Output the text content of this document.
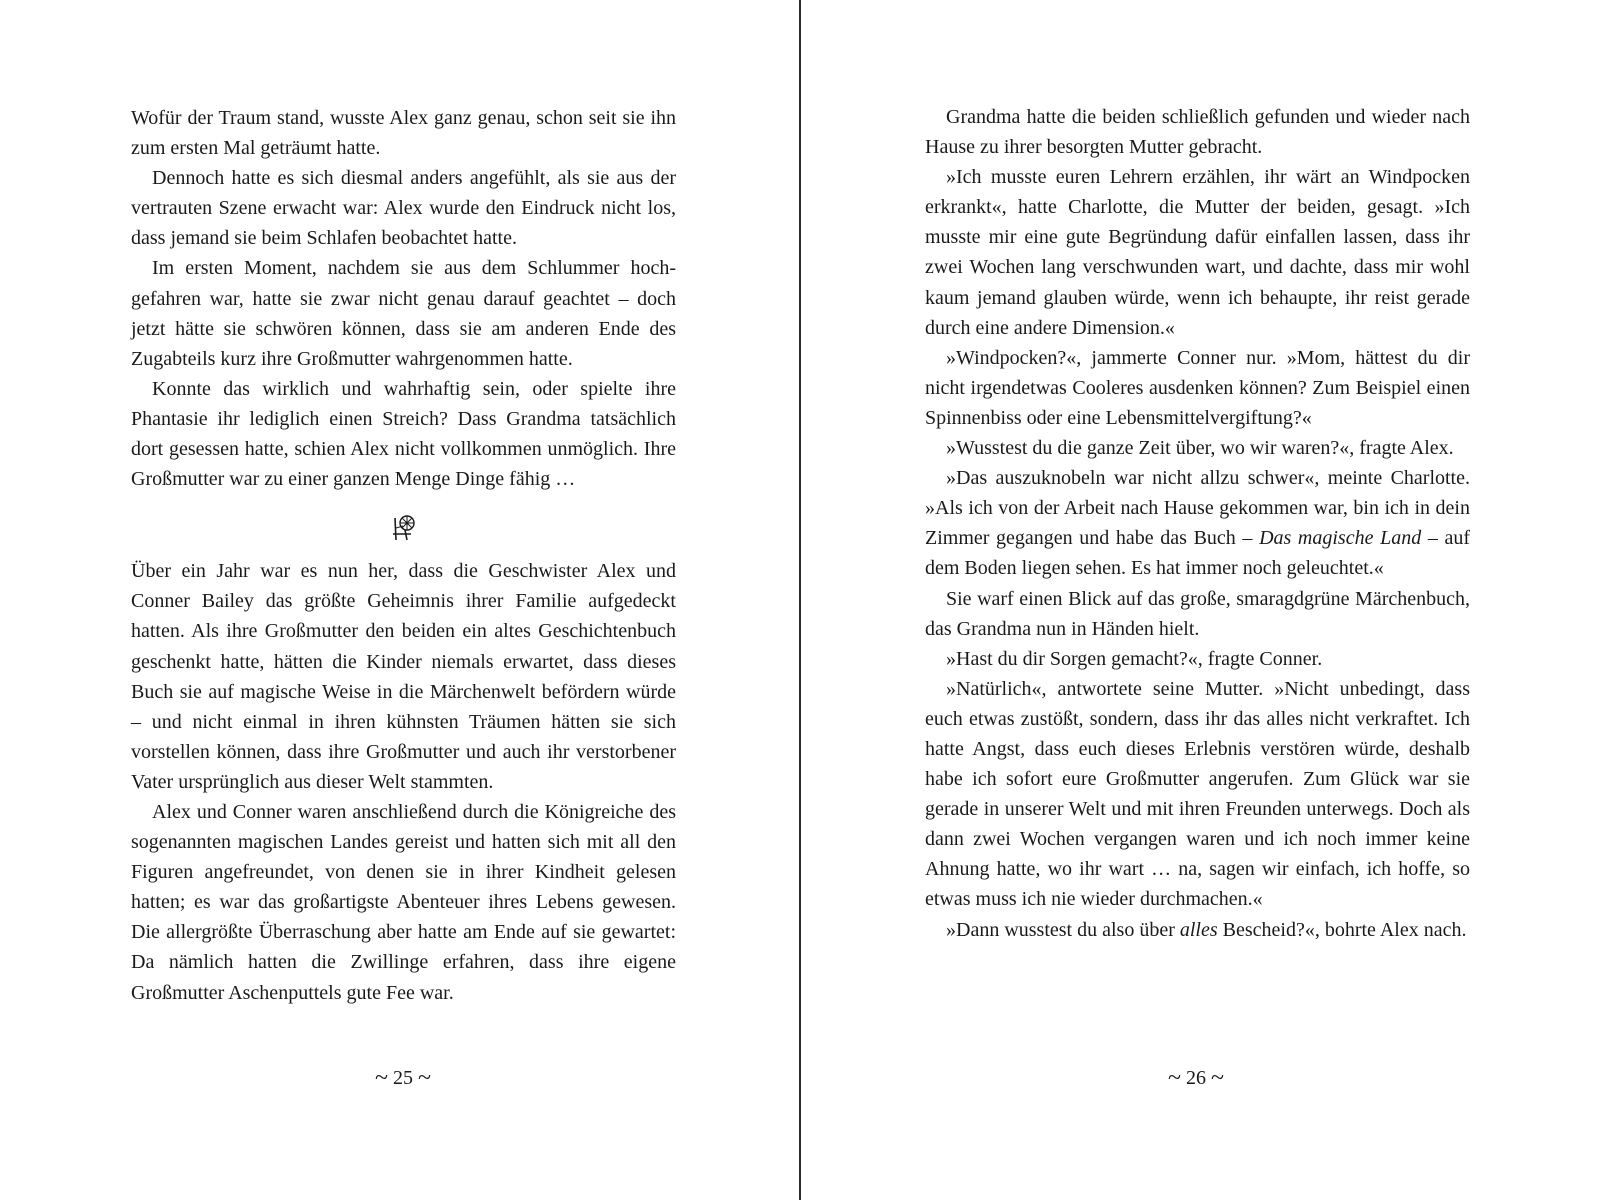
Wofür der Traum stand, wusste Alex ganz genau, schon seit sie ihn zum ersten Mal geträumt hatte.

Dennoch hatte es sich diesmal anders angefühlt, als sie aus der vertrauten Szene erwacht war: Alex wurde den Eindruck nicht los, dass jemand sie beim Schlafen beobachtet hatte.

Im ersten Moment, nachdem sie aus dem Schlummer hochgefahren war, hatte sie zwar nicht genau darauf geachtet – doch jetzt hätte sie schwören können, dass sie am anderen Ende des Zugabteils kurz ihre Großmutter wahrgenommen hatte.

Konnte das wirklich und wahrhaftig sein, oder spielte ihre Phantasie ihr lediglich einen Streich? Dass Grandma tatsächlich dort gesessen hatte, schien Alex nicht vollkommen unmöglich. Ihre Großmutter war zu einer ganzen Menge Dinge fähig …

Über ein Jahr war es nun her, dass die Geschwister Alex und Conner Bailey das größte Geheimnis ihrer Familie aufgedeckt hatten. Als ihre Großmutter den beiden ein altes Geschichtenbuch geschenkt hatte, hätten die Kinder niemals erwartet, dass dieses Buch sie auf magische Weise in die Märchenwelt befördern würde – und nicht einmal in ihren kühnsten Träumen hätten sie sich vorstellen können, dass ihre Großmutter und auch ihr verstorbener Vater ursprünglich aus dieser Welt stammten.

Alex und Conner waren anschließend durch die Königreiche des sogenannten magischen Landes gereist und hatten sich mit all den Figuren angefreundet, von denen sie in ihrer Kindheit gelesen hatten; es war das großartigste Abenteuer ihres Lebens gewesen. Die allergrößte Überraschung aber hatte am Ende auf sie gewartet: Da nämlich hatten die Zwillinge erfahren, dass ihre eigene Großmutter Aschenputtels gute Fee war.

Grandma hatte die beiden schließlich gefunden und wieder nach Hause zu ihrer besorgten Mutter gebracht.

»Ich musste euren Lehrern erzählen, ihr wärt an Windpocken erkrankt«, hatte Charlotte, die Mutter der beiden, gesagt. »Ich musste mir eine gute Begründung dafür einfallen lassen, dass ihr zwei Wochen lang verschwunden wart, und dachte, dass mir wohl kaum jemand glauben würde, wenn ich behaupte, ihr reist gerade durch eine andere Dimension.«

»Windpocken?«, jammerte Conner nur. »Mom, hättest du dir nicht irgendetwas Cooleres ausdenken können? Zum Beispiel einen Spinnenbiss oder eine Lebensmittelvergiftung?«

»Wusstest du die ganze Zeit über, wo wir waren?«, fragte Alex.

»Das auszuknobeln war nicht allzu schwer«, meinte Charlotte. »Als ich von der Arbeit nach Hause gekommen war, bin ich in dein Zimmer gegangen und habe das Buch – Das magische Land – auf dem Boden liegen sehen. Es hat immer noch geleuchtet.«

Sie warf einen Blick auf das große, smaragdgrüne Märchenbuch, das Grandma nun in Händen hielt.

»Hast du dir Sorgen gemacht?«, fragte Conner.

»Natürlich«, antwortete seine Mutter. »Nicht unbedingt, dass euch etwas zustößt, sondern, dass ihr das alles nicht verkraftet. Ich hatte Angst, dass euch dieses Erlebnis verstören würde, deshalb habe ich sofort eure Großmutter angerufen. Zum Glück war sie gerade in unserer Welt und mit ihren Freunden unterwegs. Doch als dann zwei Wochen vergangen waren und ich noch immer keine Ahnung hatte, wo ihr wart … na, sagen wir einfach, ich hoffe, so etwas muss ich nie wieder durchmachen.«

»Dann wusstest du also über alles Bescheid?«, bohrte Alex nach.

~ 25 ~	~ 26 ~
